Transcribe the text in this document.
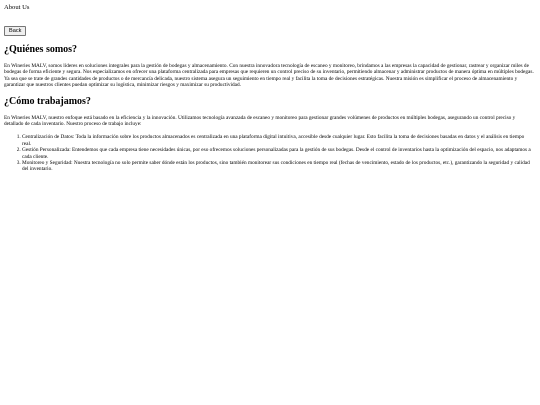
About Us
Back
¿Quiénes somos?

En Wineries MALV, somos líderes en soluciones integrales para la gestión de bodegas y almacenamiento. Con nuestra innovadora tecnología de escaneo y monitoreo, brindamos a las empresas la capacidad de gestionar, rastrear y organizar miles de bodegas de forma eficiente y segura. Nos especializamos en ofrecer una plataforma centralizada para empresas que requieren un control preciso de su inventario, permitiendo almacenar y administrar productos de manera óptima en múltiples bodegas. Ya sea que se trate de grandes cantidades de productos o de mercancía delicada, nuestro sistema asegura un seguimiento en tiempo real y facilita la toma de decisiones estratégicas. Nuestra misión es simplificar el proceso de almacenamiento y garantizar que nuestros clientes puedan optimizar su logística, minimizar riesgos y maximizar su productividad.

¿Cómo trabajamos?

En Wineries MALV, nuestro enfoque está basado en la eficiencia y la innovación. Utilizamos tecnología avanzada de escaneo y monitoreo para gestionar grandes volúmenes de productos en múltiples bodegas, asegurando un control preciso y detallado de cada inventario. Nuestro proceso de trabajo incluye:

1. Centralización de Datos: Toda la información sobre los productos almacenados es centralizada en una plataforma digital intuitiva, accesible desde cualquier lugar. Esto facilita la toma de decisiones basadas en datos y el análisis en tiempo real.
2. Gestión Personalizada: Entendemos que cada empresa tiene necesidades únicas, por eso ofrecemos soluciones personalizadas para la gestión de sus bodegas. Desde el control de inventarios hasta la optimización del espacio, nos adaptamos a cada cliente.
3. Monitoreo y Seguridad: Nuestra tecnología no solo permite saber dónde están los productos, sino también monitorear sus condiciones en tiempo real (fechas de vencimiento, estado de los productos, etc.), garantizando la seguridad y calidad del inventario.
